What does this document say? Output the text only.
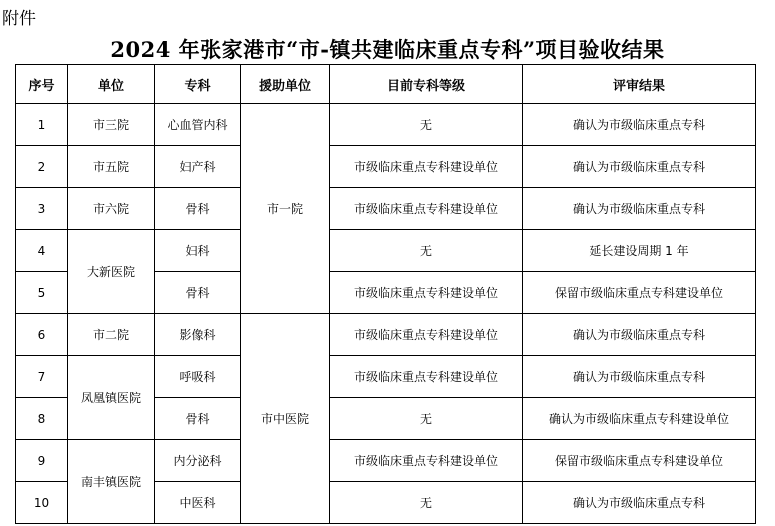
附件
2024 年张家港市“市-镇共建临床重点专科”项目验收结果
序号	单位	专科	援助单位	目前专科等级	评审结果
1	市三院	心血管内科	市一院	无	确认为市级临床重点专科
2	市五院	妇产科		市级临床重点专科建设单位	确认为市级临床重点专科
3	市六院	骨科		市级临床重点专科建设单位	确认为市级临床重点专科
4	大新医院	妇科		无	延长建设周期 1 年
5		骨科		市级临床重点专科建设单位	保留市级临床重点专科建设单位
6	市二院	影像科	市中医院	市级临床重点专科建设单位	确认为市级临床重点专科
7	凤凰镇医院	呼吸科		市级临床重点专科建设单位	确认为市级临床重点专科
8		骨科		无	确认为市级临床重点专科建设单位
9	南丰镇医院	内分泌科		市级临床重点专科建设单位	保留市级临床重点专科建设单位
10		中医科		无	确认为市级临床重点专科
